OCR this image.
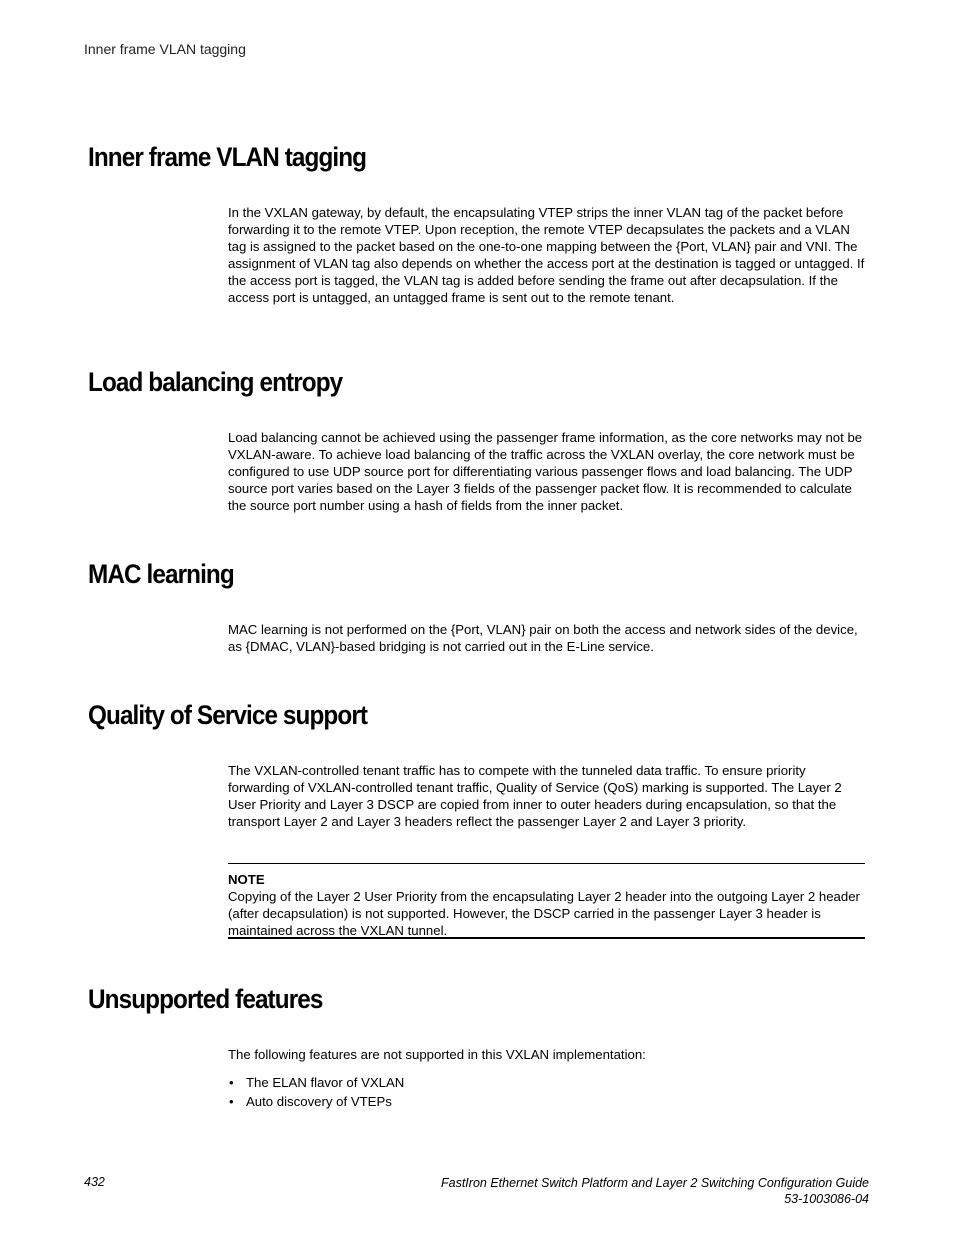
Inner frame VLAN tagging
Inner frame VLAN tagging

In the VXLAN gateway, by default, the encapsulating VTEP strips the inner VLAN tag of the packet before forwarding it to the remote VTEP. Upon reception, the remote VTEP decapsulates the packets and a VLAN tag is assigned to the packet based on the one-to-one mapping between the {Port, VLAN} pair and VNI. The assignment of VLAN tag also depends on whether the access port at the destination is tagged or untagged. If the access port is tagged, the VLAN tag is added before sending the frame out after decapsulation. If the access port is untagged, an untagged frame is sent out to the remote tenant.

Load balancing entropy

Load balancing cannot be achieved using the passenger frame information, as the core networks may not be VXLAN-aware. To achieve load balancing of the traffic across the VXLAN overlay, the core network must be configured to use UDP source port for differentiating various passenger flows and load balancing. The UDP source port varies based on the Layer 3 fields of the passenger packet flow. It is recommended to calculate the source port number using a hash of fields from the inner packet.

MAC learning

MAC learning is not performed on the {Port, VLAN} pair on both the access and network sides of the device, as {DMAC, VLAN}-based bridging is not carried out in the E-Line service.

Quality of Service support

The VXLAN-controlled tenant traffic has to compete with the tunneled data traffic. To ensure priority forwarding of VXLAN-controlled tenant traffic, Quality of Service (QoS) marking is supported. The Layer 2 User Priority and Layer 3 DSCP are copied from inner to outer headers during encapsulation, so that the transport Layer 2 and Layer 3 headers reflect the passenger Layer 2 and Layer 3 priority.

NOTE

Copying of the Layer 2 User Priority from the encapsulating Layer 2 header into the outgoing Layer 2 header (after decapsulation) is not supported. However, the DSCP carried in the passenger Layer 3 header is maintained across the VXLAN tunnel.

Unsupported features

The following features are not supported in this VXLAN implementation:

• The ELAN flavor of VXLAN
• Auto discovery of VTEPs
432	FastIron Ethernet Switch Platform and Layer 2 Switching Configuration Guide
53-1003086-04
